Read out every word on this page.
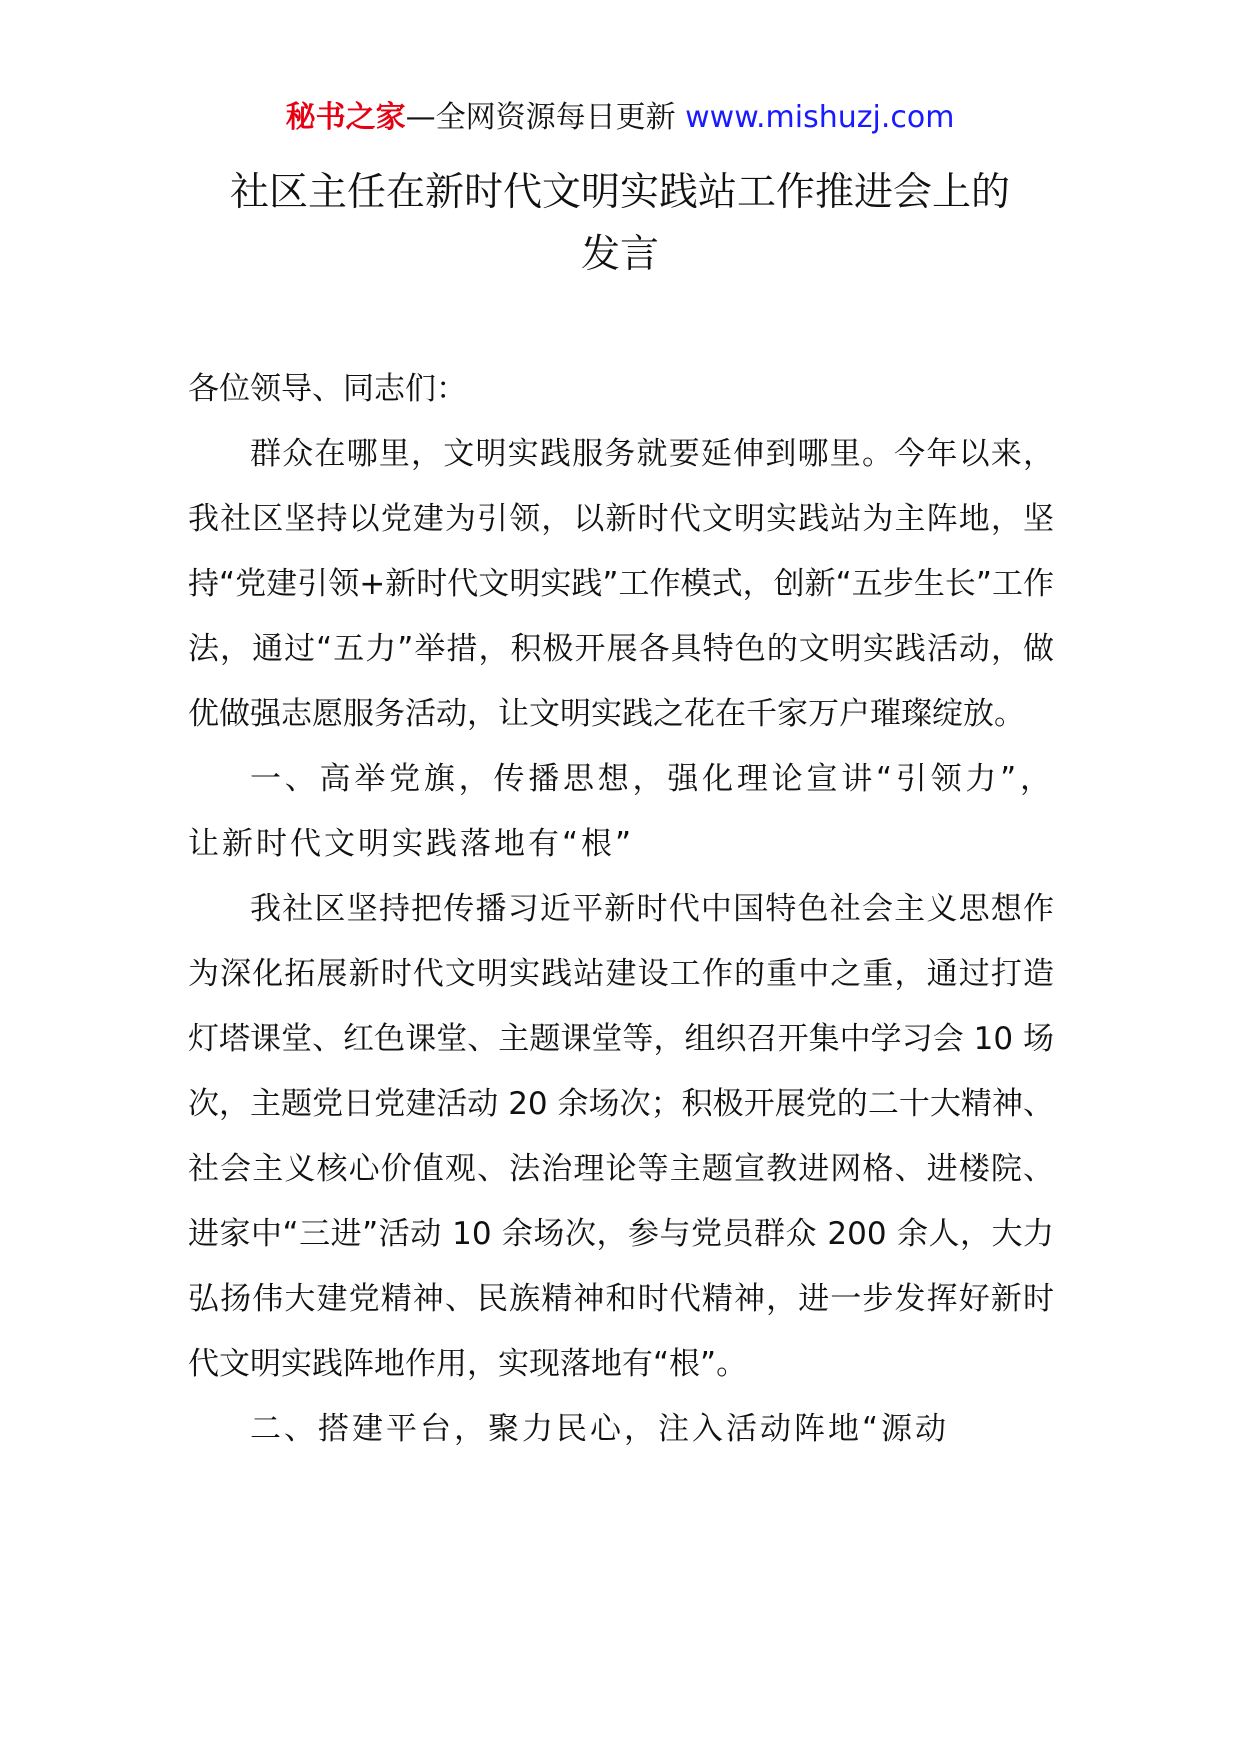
秘书之家—全网资源每日更新 www.mishuzj.com
社区主任在新时代文明实践站工作推进会上的
发言

各位领导、同志们：

群众在哪里，文明实践服务就要延伸到哪里。今年以来，我社区坚持以党建为引领，以新时代文明实践站为主阵地，坚持“党建引领+新时代文明实践”工作模式，创新“五步生长”工作法，通过“五力”举措，积极开展各具特色的文明实践活动，做优做强志愿服务活动，让文明实践之花在千家万户璀璨绽放。

一、高举党旗，传播思想，强化理论宣讲“引领力”，让新时代文明实践落地有“根”

我社区坚持把传播习近平新时代中国特色社会主义思想作为深化拓展新时代文明实践站建设工作的重中之重，通过打造灯塔课堂、红色课堂、主题课堂等，组织召开集中学习会 10 场次，主题党日党建活动 20 余场次；积极开展党的二十大精神、社会主义核心价值观、法治理论等主题宣教进网格、进楼院、进家中“三进”活动 10 余场次，参与党员群众 200 余人，大力弘扬伟大建党精神、民族精神和时代精神，进一步发挥好新时代文明实践阵地作用，实现落地有“根”。

二、搭建平台，聚力民心，注入活动阵地“源动
